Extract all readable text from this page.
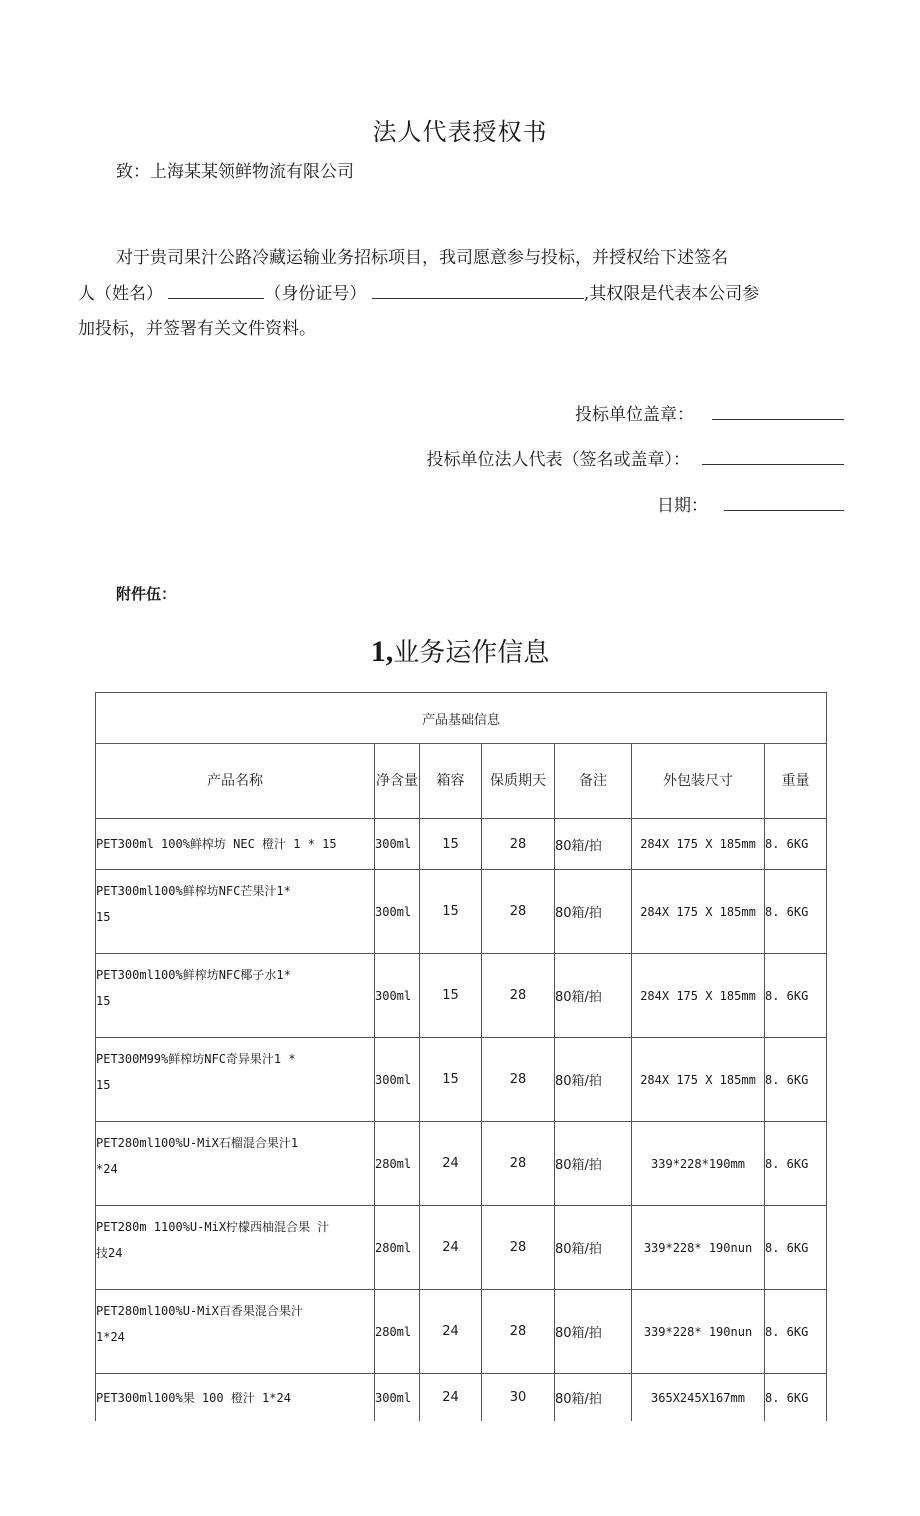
法人代表授权书
致：上海某某领鲜物流有限公司

对于贵司果汁公路冷藏运输业务招标项目，我司愿意参与投标，并授权给下述签名

人（姓名）	（身份证号）	,其权限是代表本公司参

加投标，并签署有关文件资料。

投标单位盖章：
投标单位法人代表（签名或盖章）：
日期：
附件伍：
1,业务运作信息
产品基础信息						
产品名称	净含量	箱容	保质期天	备注	外包装尺寸	重量
PET300ml 100%鲜榨坊 NEC 橙汁 1 * 15	300ml	15	28	80箱/拍	284X 175 X 185mm	8. 6KG
PET300ml100%鲜榨坊NFC芒果汁1*
15	300ml	15	28	80箱/拍	284X 175 X 185mm	8. 6KG
PET300ml100%鲜榨坊NFC椰子水1*
15	300ml	15	28	80箱/拍	284X 175 X 185mm	8. 6KG
PET300M99%鲜榨坊NFC奇异果汁1 *
15	300ml	15	28	80箱/拍	284X 175 X 185mm	8. 6KG
PET280ml100%U-MiX石榴混合果汁1
*24	280ml	24	28	80箱/拍	339*228*190mm	8. 6KG
PET280m 1100%U-MiX柠檬西柚混合果 汁
技24	280ml	24	28	80箱/拍	339*228* 190nun	8. 6KG
PET280ml100%U-MiX百香果混合果汁
1*24	280ml	24	28	80箱/拍	339*228* 190nun	8. 6KG
PET300ml100%果 100 橙汁 1*24	300ml	24	30	80箱/拍	365X245X167mm	8. 6KG
